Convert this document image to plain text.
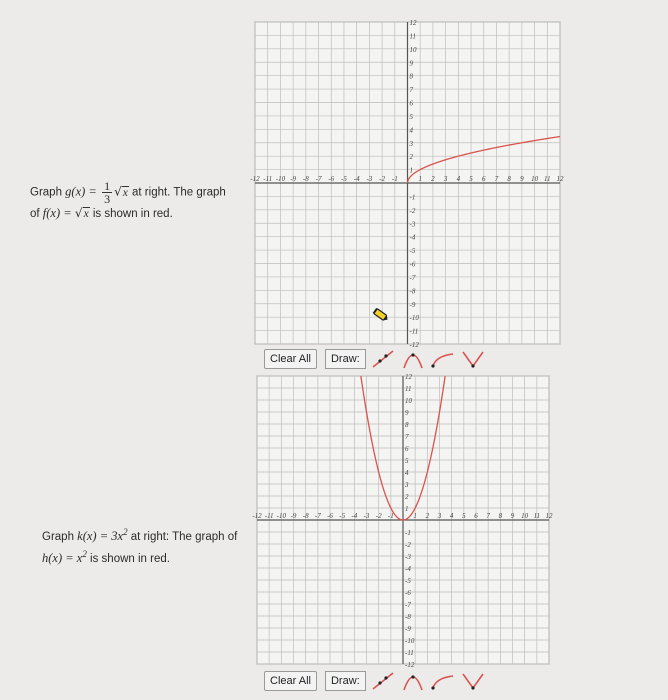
Graph $g(x) = \frac{1}{3} √x$ at right. The graph
of f(x) = √x is shown in red.
Graph $k(x) = 3x^2$ at right: The graph of
$h(x) = x^2$ is shown in red.
-12 -11 -10 -9 -8 -7 -6 -5 -4 -3 -2 -1	1 2 3 4 5 6 7 8 9 10 11 12
12
11
10
9
8
7
6
5
4
3
2
1
-1
-2
-3
-4
-5
-6
-7
-8
-9
-10
-11
-12
Clear All	Draw:
-12 -11 -10 -9 -8 -7 -6 -5 -4 -3 -2 -1	1 2 3 4 5 6 7 8 9 10 11 12
12
11
10
9
8
7
6
5
4
3
2
1
-1
-2
-3
-4
-5
-6
-7
-8
-9
-10
-11
-12
Clear All	Draw:
